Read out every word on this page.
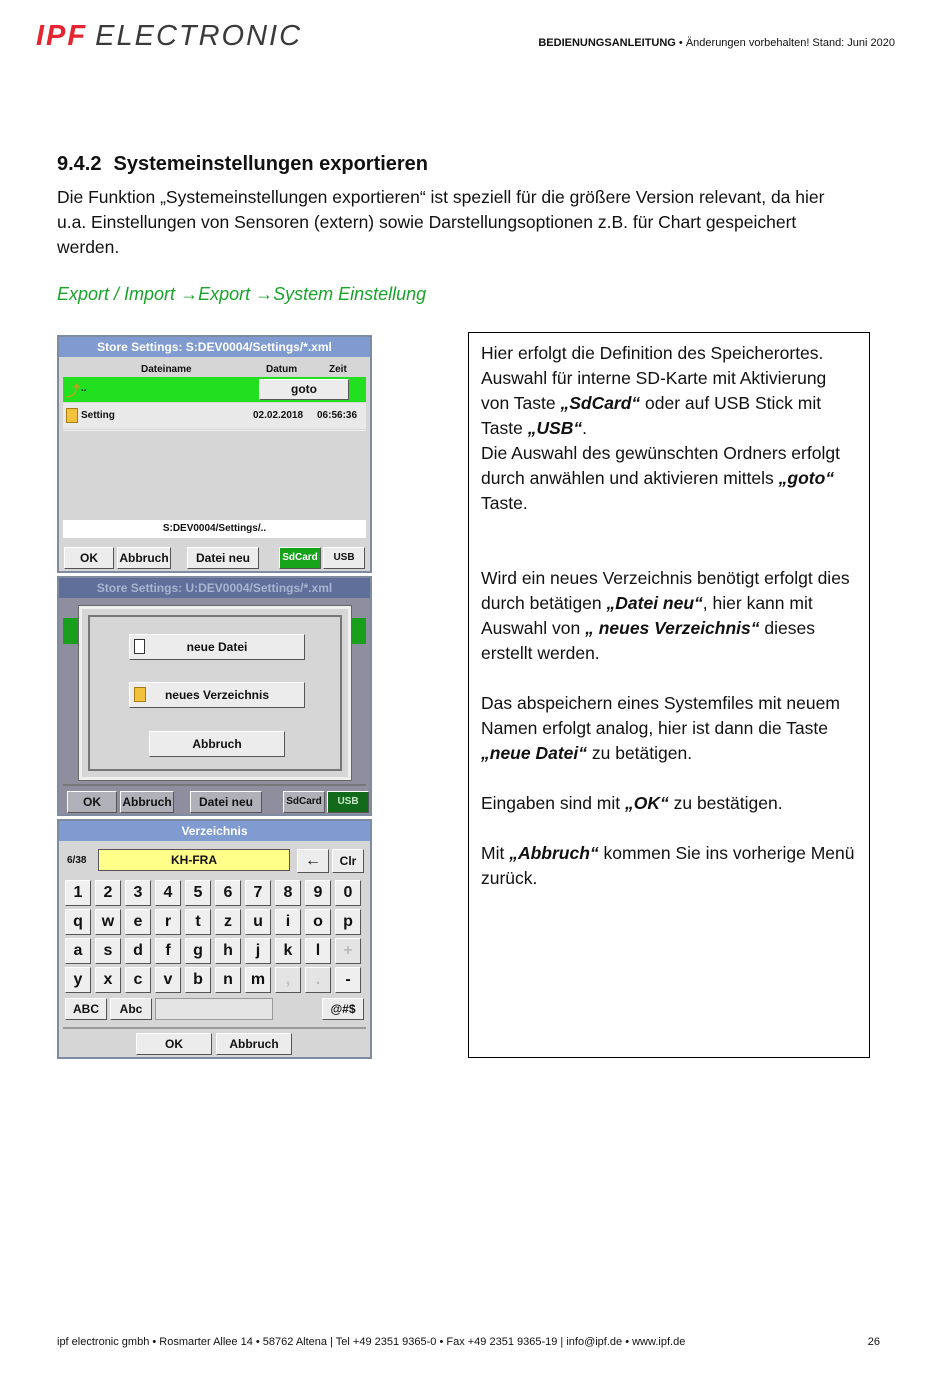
IPF ELECTRONIC	BEDIENUNGSANLEITUNG • Änderungen vorbehalten! Stand: Juni 2020
9.4.2 Systemeinstellungen exportieren

Die Funktion „Systemeinstellungen exportieren“ ist speziell für die größere Version relevant, da hier u.a. Einstellungen von Sensoren (extern) sowie Darstellungsoptionen z.B. für Chart gespeichert werden.

Export / Import →Export →System Einstellung
Store Settings: S:DEV0004/Settings/*.xml
Dateiname	Datum	Zeit
⤴ ..	goto
Setting	02.02.2018 06:56:36
S:DEV0004/Settings/..
OK	Abbruch	Datei neu	SdCard	USB
Store Settings: U:DEV0004/Settings/*.xml
neue Datei
neues Verzeichnis
Abbruch
OK	Abbruch	Datei neu	SdCard	USB
Verzeichnis
6/38	KH-FRA	←	Clr
1	2	3	4	5	6	7	8	9	0
q	w	e	r	t	z	u	i	o	p
a	s	d	f	g	h	j	k	l	+
y	x	c	v	b	n	m	,	.	-
ABC	Abc	@#$
OK	Abbruch

Hier erfolgt die Definition des Speicherortes. Auswahl für interne SD-Karte mit Aktivierung von Taste „SdCard“ oder auf USB Stick mit Taste „USB“.

Die Auswahl des gewünschten Ordners erfolgt durch anwählen und aktivieren mittels „goto“ Taste.

Wird ein neues Verzeichnis benötigt erfolgt dies durch betätigen „Datei neu“, hier kann mit Auswahl von „ neues Verzeichnis“ dieses erstellt werden.

Das abspeichern eines Systemfiles mit neuem Namen erfolgt analog, hier ist dann die Taste „neue Datei“ zu betätigen.

Eingaben sind mit „OK“ zu bestätigen.

Mit „Abbruch“ kommen Sie ins vorherige Menü zurück.

ipf electronic gmbh • Rosmarter Allee 14 • 58762 Altena | Tel +49 2351 9365-0 • Fax +49 2351 9365-19 | info@ipf.de • www.ipf.de	26
